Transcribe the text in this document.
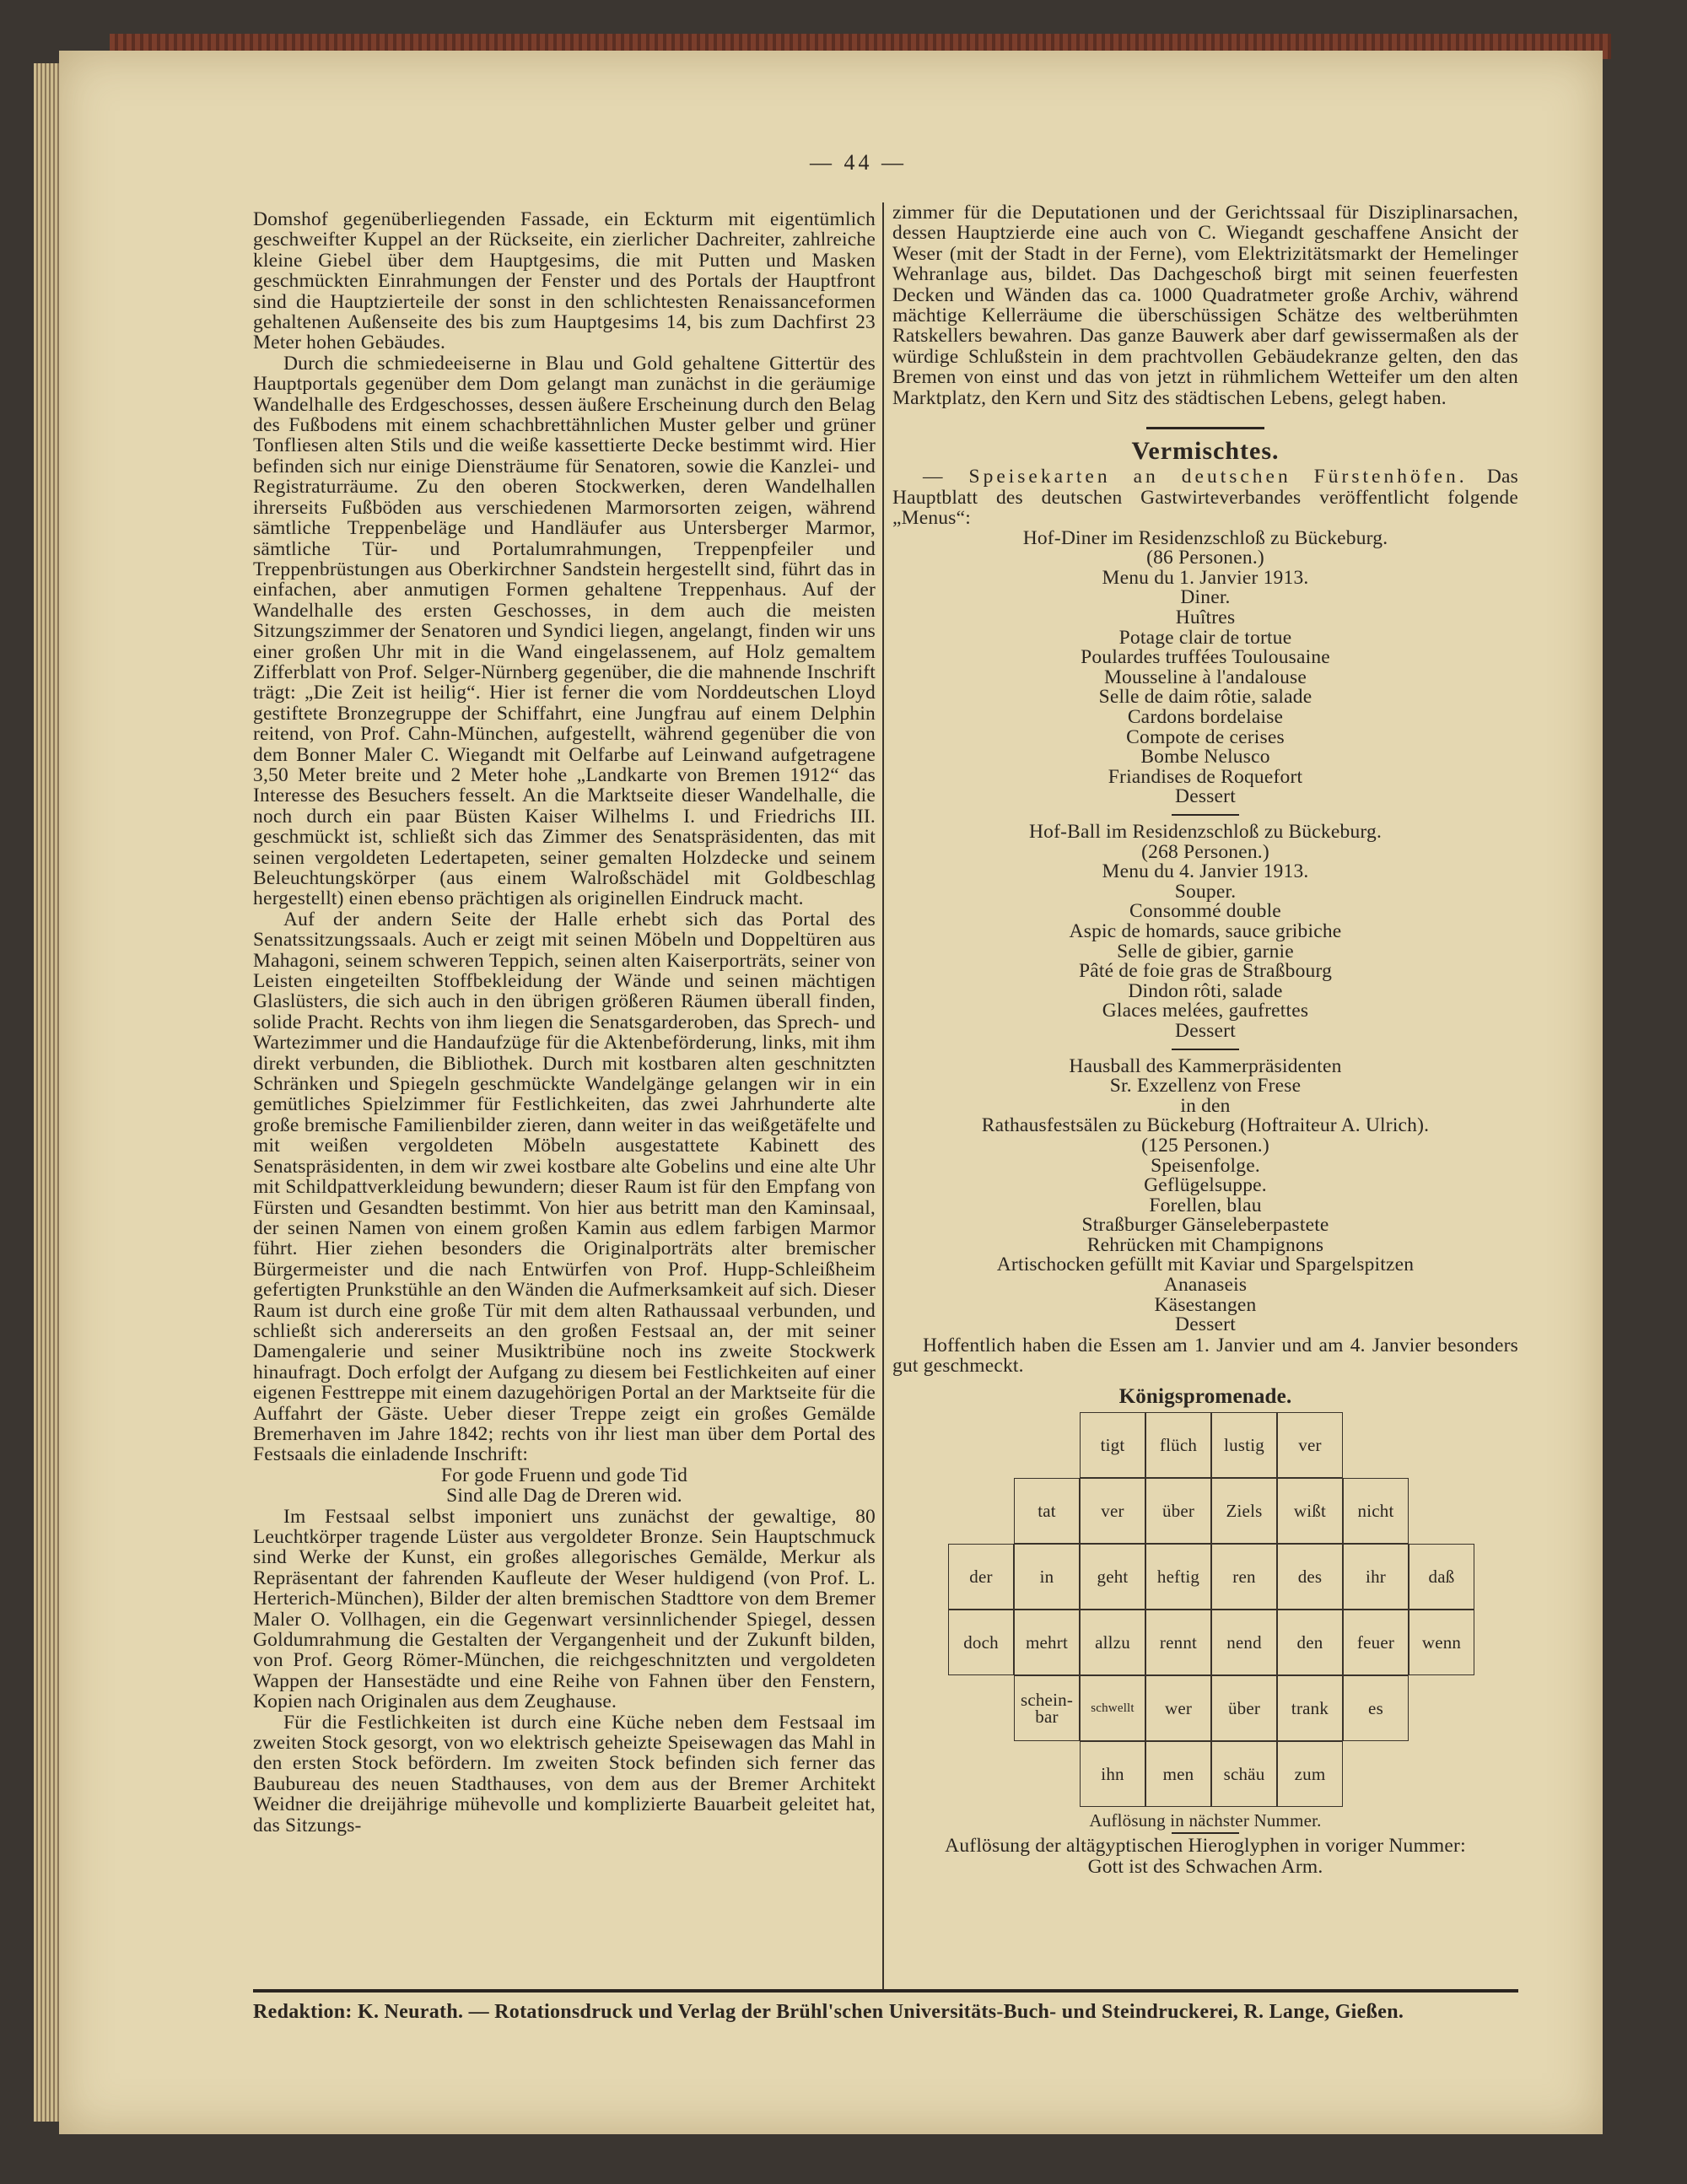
— 44 —

Domshof gegenüberliegenden Fassade, ein Eckturm mit eigentümlich geschweifter Kuppel an der Rückseite, ein zierlicher Dachreiter, zahlreiche kleine Giebel über dem Hauptgesims, die mit Putten und Masken geschmückten Einrahmungen der Fenster und des Portals der Hauptfront sind die Hauptzierteile der sonst in den schlichtesten Renaissanceformen gehaltenen Außenseite des bis zum Hauptgesims 14, bis zum Dachfirst 23 Meter hohen Gebäudes.

Durch die schmiedeeiserne in Blau und Gold gehaltene Gittertür des Hauptportals gegenüber dem Dom gelangt man zunächst in die geräumige Wandelhalle des Erdgeschosses, dessen äußere Erscheinung durch den Belag des Fußbodens mit einem schachbrettähnlichen Muster gelber und grüner Tonfliesen alten Stils und die weiße kassettierte Decke bestimmt wird. Hier befinden sich nur einige Diensträume für Senatoren, sowie die Kanzlei- und Registraturräume. Zu den oberen Stockwerken, deren Wandelhallen ihrerseits Fußböden aus verschiedenen Marmorsorten zeigen, während sämtliche Treppenbeläge und Handläufer aus Untersberger Marmor, sämtliche Tür- und Portalumrahmungen, Treppenpfeiler und Treppenbrüstungen aus Oberkirchner Sandstein hergestellt sind, führt das in einfachen, aber anmutigen Formen gehaltene Treppenhaus. Auf der Wandelhalle des ersten Geschosses, in dem auch die meisten Sitzungszimmer der Senatoren und Syndici liegen, angelangt, finden wir uns einer großen Uhr mit in die Wand eingelassenem, auf Holz gemaltem Zifferblatt von Prof. Selger-Nürnberg gegenüber, die die mahnende Inschrift trägt: „Die Zeit ist heilig“. Hier ist ferner die vom Norddeutschen Lloyd gestiftete Bronzegruppe der Schiffahrt, eine Jungfrau auf einem Delphin reitend, von Prof. Cahn-München, aufgestellt, während gegenüber die von dem Bonner Maler C. Wiegandt mit Oelfarbe auf Leinwand aufgetragene 3,50 Meter breite und 2 Meter hohe „Landkarte von Bremen 1912“ das Interesse des Besuchers fesselt. An die Marktseite dieser Wandelhalle, die noch durch ein paar Büsten Kaiser Wilhelms I. und Friedrichs III. geschmückt ist, schließt sich das Zimmer des Senatspräsidenten, das mit seinen vergoldeten Ledertapeten, seiner gemalten Holzdecke und seinem Beleuchtungskörper (aus einem Walroßschädel mit Goldbeschlag hergestellt) einen ebenso prächtigen als originellen Eindruck macht.

Auf der andern Seite der Halle erhebt sich das Portal des Senatssitzungssaals. Auch er zeigt mit seinen Möbeln und Doppeltüren aus Mahagoni, seinem schweren Teppich, seinen alten Kaiserporträts, seiner von Leisten eingeteilten Stoffbekleidung der Wände und seinen mächtigen Glaslüsters, die sich auch in den übrigen größeren Räumen überall finden, solide Pracht. Rechts von ihm liegen die Senatsgarderoben, das Sprech- und Wartezimmer und die Handaufzüge für die Aktenbeförderung, links, mit ihm direkt verbunden, die Bibliothek. Durch mit kostbaren alten geschnitzten Schränken und Spiegeln geschmückte Wandelgänge gelangen wir in ein gemütliches Spielzimmer für Festlichkeiten, das zwei Jahrhunderte alte große bremische Familienbilder zieren, dann weiter in das weißgetäfelte und mit weißen vergoldeten Möbeln ausgestattete Kabinett des Senatspräsidenten, in dem wir zwei kostbare alte Gobelins und eine alte Uhr mit Schildpattverkleidung bewundern; dieser Raum ist für den Empfang von Fürsten und Gesandten bestimmt. Von hier aus betritt man den Kaminsaal, der seinen Namen von einem großen Kamin aus edlem farbigen Marmor führt. Hier ziehen besonders die Originalporträts alter bremischer Bürgermeister und die nach Entwürfen von Prof. Hupp-Schleißheim gefertigten Prunkstühle an den Wänden die Aufmerksamkeit auf sich. Dieser Raum ist durch eine große Tür mit dem alten Rathaussaal verbunden, und schließt sich andererseits an den großen Festsaal an, der mit seiner Damengalerie und seiner Musiktribüne noch ins zweite Stockwerk hinaufragt. Doch erfolgt der Aufgang zu diesem bei Festlichkeiten auf einer eigenen Festtreppe mit einem dazugehörigen Portal an der Marktseite für die Auffahrt der Gäste. Ueber dieser Treppe zeigt ein großes Gemälde Bremerhaven im Jahre 1842; rechts von ihr liest man über dem Portal des Festsaals die einladende Inschrift:

For gode Fruenn und gode Tid

Sind alle Dag de Dreren wid.

Im Festsaal selbst imponiert uns zunächst der gewaltige, 80 Leuchtkörper tragende Lüster aus vergoldeter Bronze. Sein Hauptschmuck sind Werke der Kunst, ein großes allegorisches Gemälde, Merkur als Repräsentant der fahrenden Kaufleute der Weser huldigend (von Prof. L. Herterich-München), Bilder der alten bremischen Stadttore von dem Bremer Maler O. Vollhagen, ein die Gegenwart versinnlichender Spiegel, dessen Goldumrahmung die Gestalten der Vergangenheit und der Zukunft bilden, von Prof. Georg Römer-München, die reichgeschnitzten und vergoldeten Wappen der Hansestädte und eine Reihe von Fahnen über den Fenstern, Kopien nach Originalen aus dem Zeughause.

Für die Festlichkeiten ist durch eine Küche neben dem Festsaal im zweiten Stock gesorgt, von wo elektrisch geheizte Speisewagen das Mahl in den ersten Stock befördern. Im zweiten Stock befinden sich ferner das Baubureau des neuen Stadthauses, von dem aus der Bremer Architekt Weidner die dreijährige mühevolle und komplizierte Bauarbeit geleitet hat, das Sitzungs-

zimmer für die Deputationen und der Gerichtssaal für Disziplinarsachen, dessen Hauptzierde eine auch von C. Wiegandt geschaffene Ansicht der Weser (mit der Stadt in der Ferne), vom Elektrizitätsmarkt der Hemelinger Wehranlage aus, bildet. Das Dachgeschoß birgt mit seinen feuerfesten Decken und Wänden das ca. 1000 Quadratmeter große Archiv, während mächtige Kellerräume die überschüssigen Schätze des weltberühmten Ratskellers bewahren. Das ganze Bauwerk aber darf gewissermaßen als der würdige Schlußstein in dem prachtvollen Gebäudekranze gelten, den das Bremen von einst und das von jetzt in rühmlichem Wetteifer um den alten Marktplatz, den Kern und Sitz des städtischen Lebens, gelegt haben.

Vermischtes.

— Speisekarten an deutschen Fürstenhöfen. Das Hauptblatt des deutschen Gastwirteverbandes veröffentlicht folgende „Menus“:

Hof-Diner im Residenzschloß zu Bückeburg.
(86 Personen.)
Menu du 1. Janvier 1913.
Diner.
Huîtres
Potage clair de tortue
Poulardes truffées Toulousaine
Mousseline à l'andalouse
Selle de daim rôtie, salade
Cardons bordelaise
Compote de cerises
Bombe Nelusco
Friandises de Roquefort
Dessert
Hof-Ball im Residenzschloß zu Bückeburg.
(268 Personen.)
Menu du 4. Janvier 1913.
Souper.
Consommé double
Aspic de homards, sauce gribiche
Selle de gibier, garnie
Pâté de foie gras de Straßbourg
Dindon rôti, salade
Glaces melées, gaufrettes
Dessert
Hausball des Kammerpräsidenten
Sr. Exzellenz von Frese
in den
Rathausfestsälen zu Bückeburg (Hoftraiteur A. Ulrich).
(125 Personen.)
Speisenfolge.
Geflügelsuppe.
Forellen, blau
Straßburger Gänseleberpastete
Rehrücken mit Champignons
Artischocken gefüllt mit Kaviar und Spargelspitzen
Ananaseis
Käsestangen
Dessert

Hoffentlich haben die Essen am 1. Janvier und am 4. Janvier besonders gut geschmeckt.

Königspromenade.
tigt	flüch	lustig	ver
tat	ver	über	Ziels	wißt	nicht
der	in	geht	heftig	ren	des	ihr	daß
doch	mehrt	allzu	rennt	nend	den	feuer	wenn
schein-bar	schwellt	wer	über	trank	es
ihn	men	schäu	zum
Auflösung in nächster Nummer.
Auflösung der altägyptischen Hieroglyphen in voriger Nummer:
Gott ist des Schwachen Arm.
Redaktion: K. Neurath. — Rotationsdruck und Verlag der Brühl'schen Universitäts-Buch- und Steindruckerei, R. Lange, Gießen.
